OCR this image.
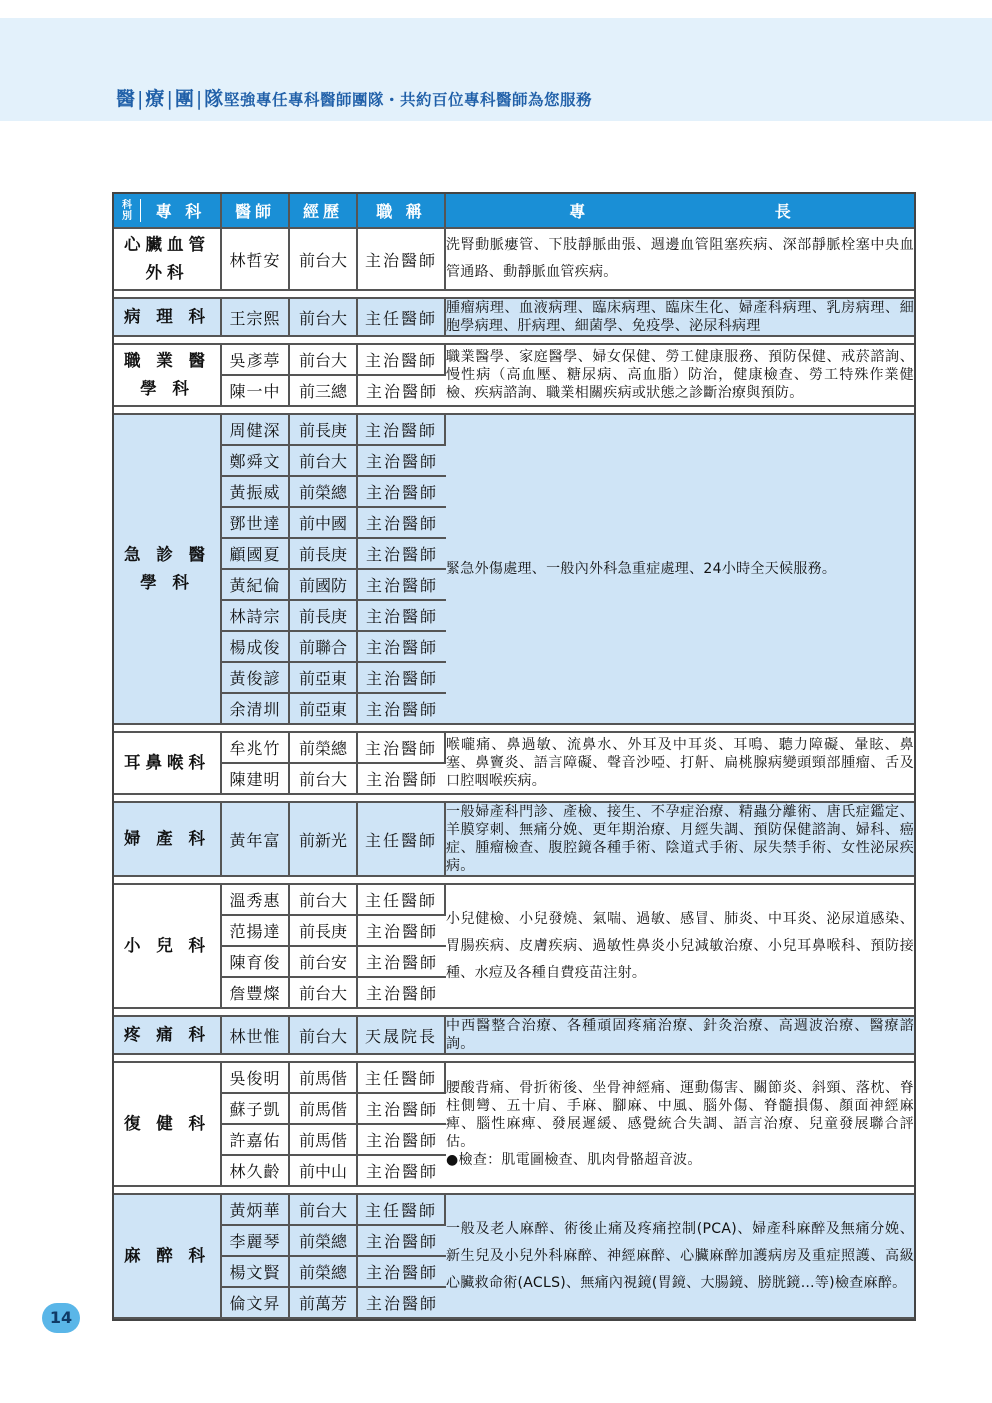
醫|療|團|隊 堅強專任專科醫師團隊・共約百位專科醫師為您服務
科
別	專 科
	醫師	經歷	職 稱	專                                  長
心臟血管外科	林哲安	前台大	主治醫師	
洗腎動脈瘻管、下肢靜脈曲張、週邊血管阻塞疾病、深部靜脈栓塞中央血管通路、動靜脈血管疾病。

病 理 科	王宗熙	前台大	主任醫師	
腫瘤病理、血液病理、臨床病理、臨床生化、婦產科病理、乳房病理、細胞學病理、肝病理、細菌學、免疫學、泌尿科病理

職 業 醫 學 科	吳彥葶	前台大	主治醫師	職業醫學、家庭醫學、婦女保健、勞工健康服務、預防保健、戒菸諮詢、慢性病（高血壓、糖尿病、高血脂）防治，健康檢查、勞工特殊作業健檢、疾病諮詢、職業相關疾病或狀態之診斷治療與預防。

陳一中	前三總	主治醫師

急 診 醫 學 科	周健深	前長庚	主治醫師	
緊急外傷處理、一般內外科急重症處理、24小時全天候服務。

鄭舜文	前台大	主治醫師
黃振威	前榮總	主治醫師
鄧世達	前中國	主治醫師
顧國夏	前長庚	主治醫師
黃紀倫	前國防	主治醫師
林詩宗	前長庚	主治醫師
楊成俊	前聯合	主治醫師
黃俊諺	前亞東	主治醫師
余清圳	前亞東	主治醫師

耳鼻喉科	牟兆竹	前榮總	主治醫師	喉嚨痛、鼻過敏、流鼻水、外耳及中耳炎、耳鳴、聽力障礙、暈眩、鼻塞、鼻竇炎、語言障礙、聲音沙啞、打鼾、扁桃腺病變頭頸部腫瘤、舌及口腔咽喉疾病。

陳建明	前台大	主治醫師

婦 產 科	黃年富	前新光	主任醫師	
一般婦產科門診、產檢、接生、不孕症治療、精蟲分離術、唐氏症鑑定、羊膜穿刺、無痛分娩、更年期治療、月經失調、預防保健諮詢、婦科、癌症、腫瘤檢查、腹腔鏡各種手術、陰道式手術、尿失禁手術、女性泌尿疾病。

小 兒 科	溫秀惠	前台大	主任醫師	
小兒健檢、小兒發燒、氣喘、過敏、感冒、肺炎、中耳炎、泌尿道感染、胃腸疾病、皮膚疾病、過敏性鼻炎小兒減敏治療、小兒耳鼻喉科、預防接種、水痘及各種自費疫苗注射。

范揚達	前長庚	主治醫師
陳育俊	前台安	主治醫師
詹豐燦	前台大	主治醫師

疼 痛 科	林世惟	前台大	天晟院長	
中西醫整合治療、各種頑固疼痛治療、針灸治療、高週波治療、醫療諮詢。

復 健 科	吳俊明	前馬偕	主任醫師	腰酸背痛、骨折術後、坐骨神經痛、運動傷害、關節炎、斜頸、落枕、脊柱側彎、五十肩、手麻、腳麻、中風、腦外傷、脊髓損傷、顏面神經麻痺、腦性麻痺、發展遲緩、感覺統合失調、語言治療、兒童發展聯合評估。
●檢查：肌電圖檢查、肌肉骨骼超音波。

蘇子凱	前馬偕	主治醫師
許嘉佑	前馬偕	主治醫師
林久齡	前中山	主治醫師

麻 醉 科	黃炳華	前台大	主任醫師	
一般及老人麻醉、術後止痛及疼痛控制(PCA)、婦產科麻醉及無痛分娩、新生兒及小兒外科麻醉、神經麻醉、心臟麻醉加護病房及重症照護、高級心臟救命術(ACLS)、無痛內視鏡(胃鏡、大腸鏡、膀胱鏡…等)檢查麻醉。

李麗琴	前榮總	主治醫師
楊文賢	前榮總	主治醫師
倫文昇	前萬芳	主治醫師
14
